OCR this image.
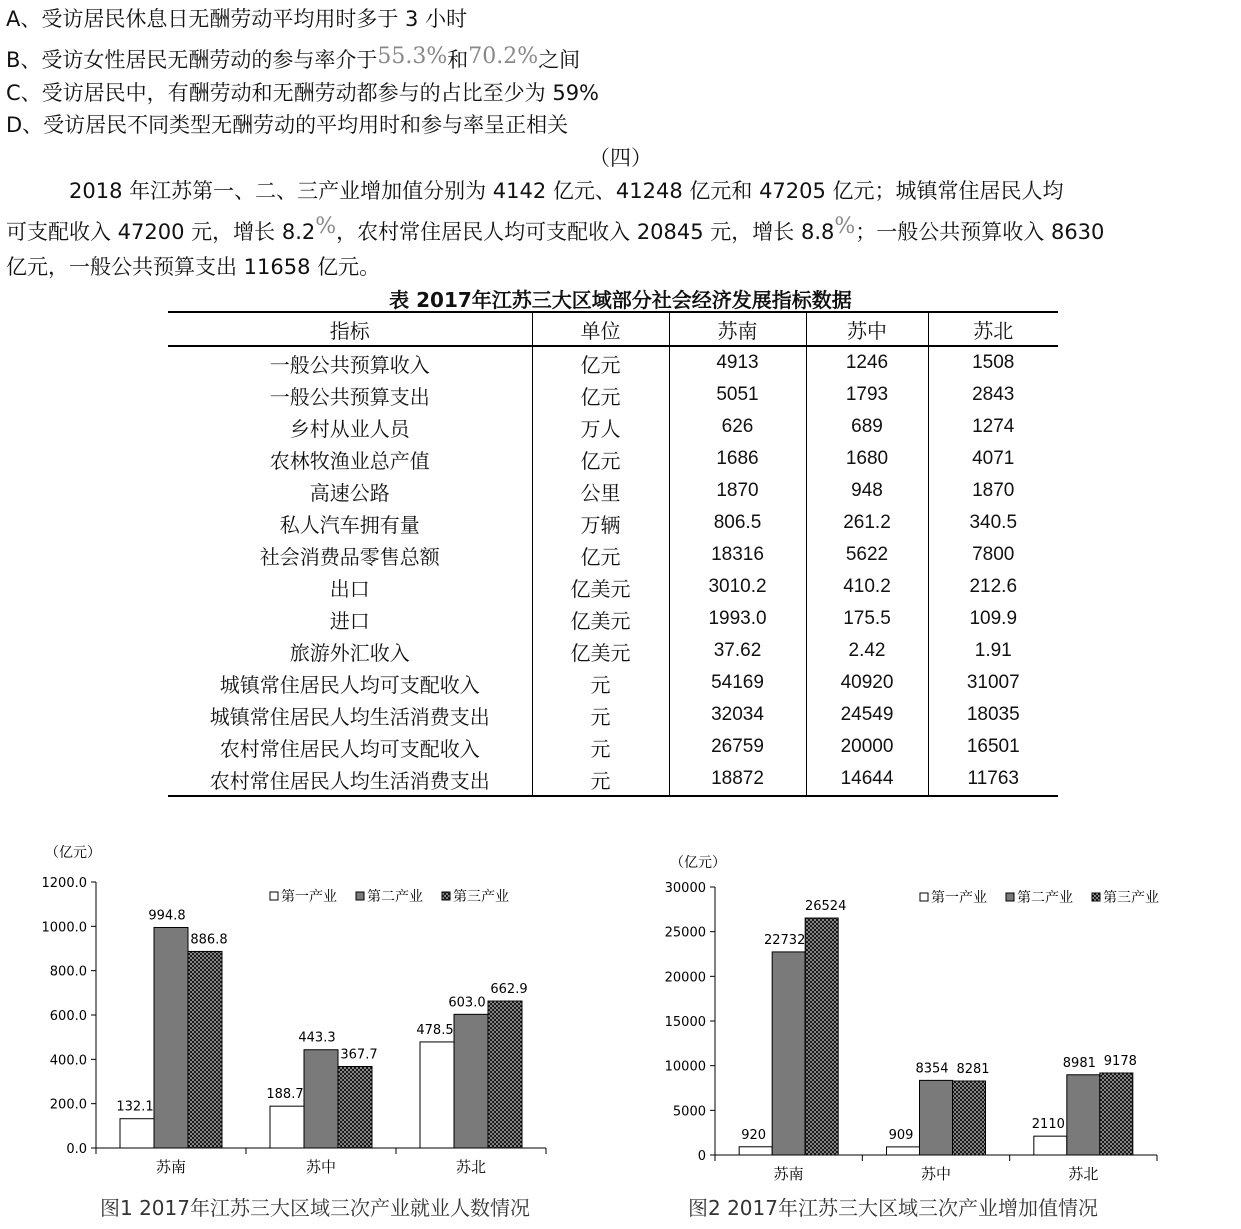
A、受访居民休息日无酬劳动平均用时多于 3 小时
B、受访女性居民无酬劳动的参与率介于55.3%和70.2%之间
C、受访居民中，有酬劳动和无酬劳动都参与的占比至少为 59%
D、受访居民不同类型无酬劳动的平均用时和参与率呈正相关
（四）

　　　2018 年江苏第一、二、三产业增加值分别为 4142 亿元、41248 亿元和 47205 亿元；城镇常住居民人均

可支配收入 47200 元，增长 8.2%，农村常住居民人均可支配收入 20845 元，增长 8.8%；一般公共预算收入 8630

亿元，一般公共预算支出 11658 亿元。

表 2017年江苏三大区域部分社会经济发展指标数据
指标	单位	苏南	苏中	苏北
一般公共预算收入	亿元	4913	1246	1508
一般公共预算支出	亿元	5051	1793	2843
乡村从业人员	万人	626	689	1274
农林牧渔业总产值	亿元	1686	1680	4071
高速公路	公里	1870	948	1870
私人汽车拥有量	万辆	806.5	261.2	340.5
社会消费品零售总额	亿元	18316	5622	7800
出口	亿美元	3010.2	410.2	212.6
进口	亿美元	1993.0	175.5	109.9
旅游外汇收入	亿美元	37.62	2.42	1.91
城镇常住居民人均可支配收入	元	54169	40920	31007
城镇常住居民人均生活消费支出	元	32034	24549	18035
农村常住居民人均可支配收入	元	26759	20000	16501
农村常住居民人均生活消费支出	元	18872	14644	11763
（亿元）
0.0
200.0
400.0
600.0
800.0
1000.0
1200.0
132.1
994.8
886.8
苏南
188.7
443.3
367.7
苏中
478.5
603.0
662.9
苏北
第一产业 第二产业 第三产业
（亿元）
0
5000
10000
15000
20000
25000
30000
920
22732
26524
苏南
909
8354 8281
苏中
2110
8981 9178
苏北
第一产业 第二产业 第三产业
图1 2017年江苏三大区域三次产业就业人数情况	图2 2017年江苏三大区域三次产业增加值情况
